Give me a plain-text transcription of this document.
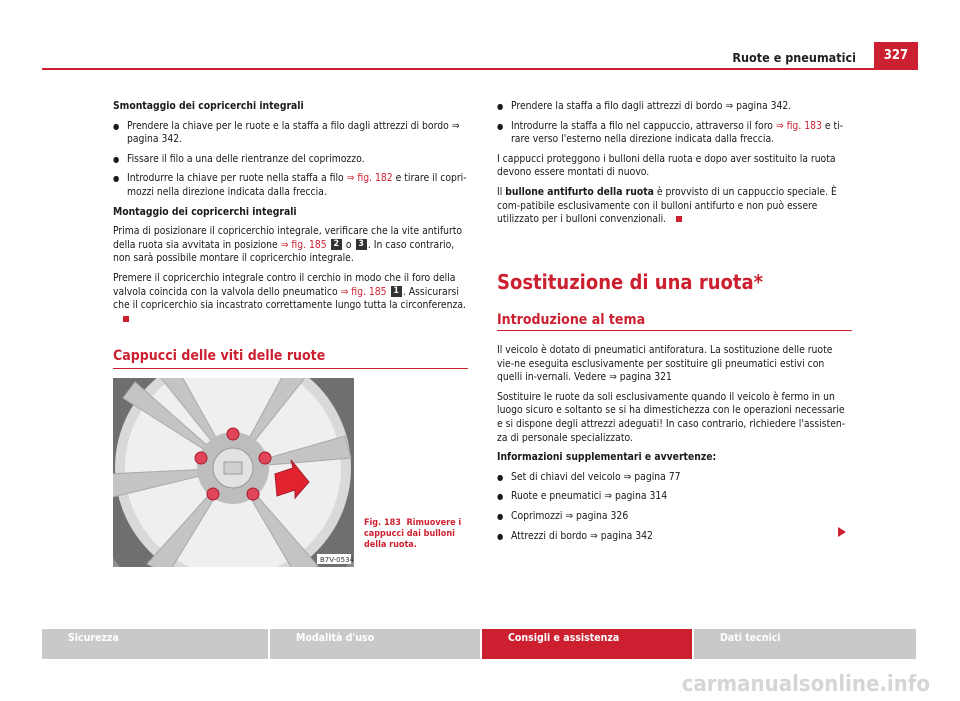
Ruote e pneumatici	327

Smontaggio dei copricerchi integrali

● Prendere la chiave per le ruote e la staffa a filo dagli attrezzi di bordo ⇒ pagina 342.

● Fissare il filo a una delle rientranze del coprimozzo.

● Introdurre la chiave per ruote nella staffa a filo ⇒ fig. 182 e tirare il copri-mozzi nella direzione indicata dalla freccia.

Montaggio dei copricerchi integrali

Prima di posizionare il copricerchio integrale, verificare che la vite antifurto della ruota sia avvitata in posizione ⇒ fig. 185 2 o 3 . In caso contrario, non sarà possibile montare il copricerchio integrale.

Premere il copricerchio integrale contro il cerchio in modo che il foro della valvola coincida con la valvola dello pneumatico ⇒ fig. 185 1 . Assicurarsi che il copricerchio sia incastrato correttamente lungo tutta la circonferenza.

Cappucci delle viti delle ruote
B7V-0534
Fig. 183 Rimuovere i cappucci dai bulloni della ruota.

● Prendere la staffa a filo dagli attrezzi di bordo ⇒ pagina 342.

● Introdurre la staffa a filo nel cappuccio, attraverso il foro ⇒ fig. 183 e ti-rare verso l'esterno nella direzione indicata dalla freccia.

I cappucci proteggono i bulloni della ruota e dopo aver sostituito la ruota devono essere montati di nuovo.

Il bullone antifurto della ruota è provvisto di un cappuccio speciale. È com-patibile esclusivamente con il bulloni antifurto e non può essere utilizzato per i bulloni convenzionali.

Sostituzione di una ruota*
Introduzione al tema

Il veicolo è dotato di pneumatici antiforatura. La sostituzione delle ruote vie-ne eseguita esclusivamente per sostituire gli pneumatici estivi con quelli in-vernali. Vedere ⇒ pagina 321

Sostituire le ruote da soli esclusivamente quando il veicolo è fermo in un luogo sicuro e soltanto se si ha dimestichezza con le operazioni necessarie e si dispone degli attrezzi adeguati! In caso contrario, richiedere l'assisten-za di personale specializzato.

Informazioni supplementari e avvertenze:

● Set di chiavi del veicolo ⇒ pagina 77

● Ruote e pneumatici ⇒ pagina 314

● Coprimozzi ⇒ pagina 326

● Attrezzi di bordo ⇒ pagina 342

Sicurezza	Modalità d'uso	Consigli e assistenza	Dati tecnici
carmanualsonline.info
